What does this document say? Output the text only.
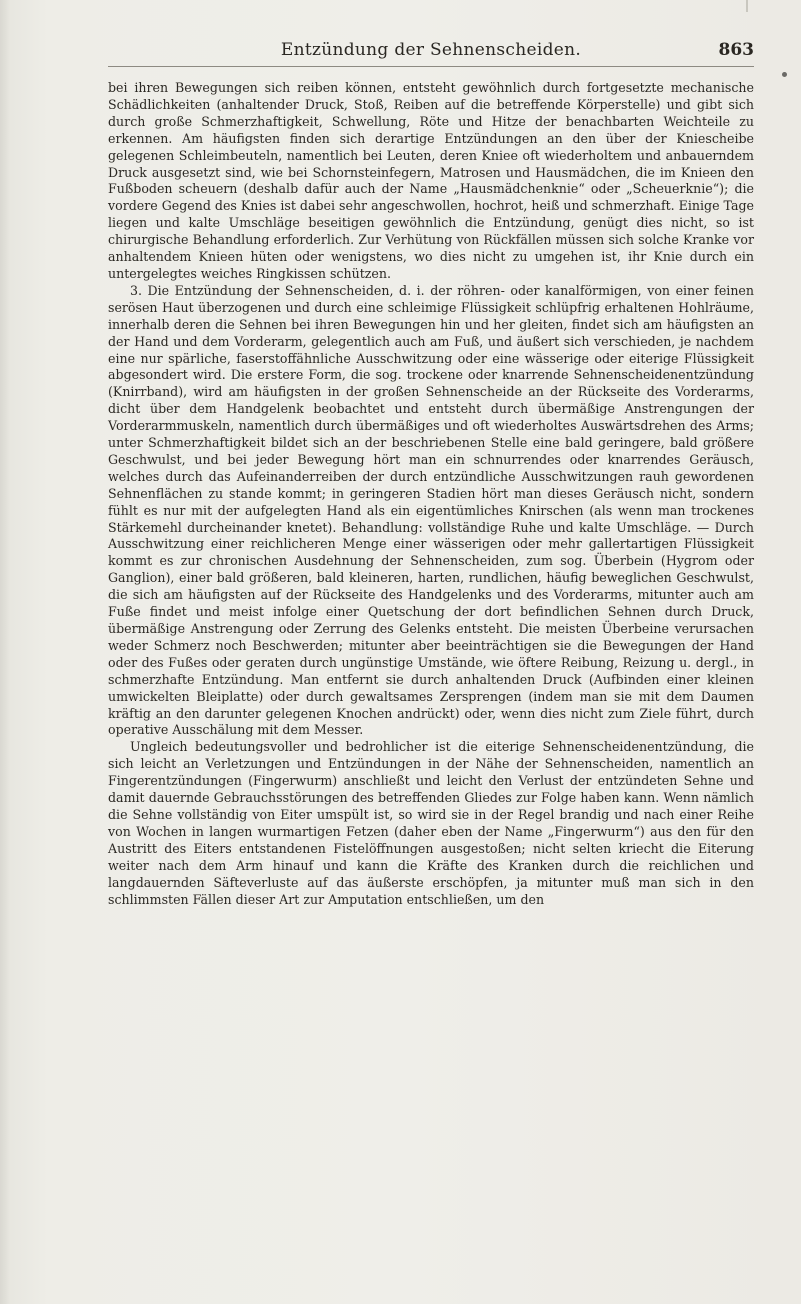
Entzündung der Sehnenscheiden.	863

bei ihren Bewegungen sich reiben können, entsteht gewöhnlich durch fortgesetzte mechanische Schädlichkeiten (anhaltender Druck, Stoß, Reiben auf die betreffende Körperstelle) und gibt sich durch große Schmerzhaftigkeit, Schwellung, Röte und Hitze der benachbarten Weichteile zu erkennen. Am häufigsten finden sich derartige Entzündungen an den über der Kniescheibe gelegenen Schleimbeuteln, namentlich bei Leuten, deren Kniee oft wiederholtem und anbauerndem Druck ausgesetzt sind, wie bei Schornsteinfegern, Matrosen und Hausmädchen, die im Knieen den Fußboden scheuern (deshalb dafür auch der Name „Hausmädchenknie“ oder „Scheuerknie“); die vordere Gegend des Knies ist dabei sehr angeschwollen, hochrot, heiß und schmerzhaft. Einige Tage liegen und kalte Umschläge beseitigen gewöhnlich die Entzündung, genügt dies nicht, so ist chirurgische Behandlung erforderlich. Zur Verhütung von Rückfällen müssen sich solche Kranke vor anhaltendem Knieen hüten oder wenigstens, wo dies nicht zu umgehen ist, ihr Knie durch ein untergelegtes weiches Ringkissen schützen.

3. Die Entzündung der Sehnenscheiden, d. i. der röhren- oder kanalförmigen, von einer feinen serösen Haut überzogenen und durch eine schleimige Flüssigkeit schlüpfrig erhaltenen Hohlräume, innerhalb deren die Sehnen bei ihren Bewegungen hin und her gleiten, findet sich am häufigsten an der Hand und dem Vorderarm, gelegentlich auch am Fuß, und äußert sich verschieden, je nachdem eine nur spärliche, faserstoffähnliche Ausschwitzung oder eine wässerige oder eiterige Flüssigkeit abgesondert wird. Die erstere Form, die sog. trockene oder knarrende Sehnenscheidenentzündung (Knirrband), wird am häufigsten in der großen Sehnenscheide an der Rückseite des Vorderarms, dicht über dem Handgelenk beobachtet und entsteht durch übermäßige Anstrengungen der Vorderarmmuskeln, namentlich durch übermäßiges und oft wiederholtes Auswärtsdrehen des Arms; unter Schmerzhaftigkeit bildet sich an der beschriebenen Stelle eine bald geringere, bald größere Geschwulst, und bei jeder Bewegung hört man ein schnurrendes oder knarrendes Geräusch, welches durch das Aufeinanderreiben der durch entzündliche Ausschwitzungen rauh gewordenen Sehnenflächen zu stande kommt; in geringeren Stadien hört man dieses Geräusch nicht, sondern fühlt es nur mit der aufgelegten Hand als ein eigentümliches Knirschen (als wenn man trockenes Stärkemehl durcheinander knetet). Behandlung: vollständige Ruhe und kalte Umschläge. — Durch Ausschwitzung einer reichlicheren Menge einer wässerigen oder mehr gallertartigen Flüssigkeit kommt es zur chronischen Ausdehnung der Sehnenscheiden, zum sog. Überbein (Hygrom oder Ganglion), einer bald größeren, bald kleineren, harten, rundlichen, häufig beweglichen Geschwulst, die sich am häufigsten auf der Rückseite des Handgelenks und des Vorderarms, mitunter auch am Fuße findet und meist infolge einer Quetschung der dort befindlichen Sehnen durch Druck, übermäßige Anstrengung oder Zerrung des Gelenks entsteht. Die meisten Überbeine verursachen weder Schmerz noch Beschwerden; mitunter aber beeinträchtigen sie die Bewegungen der Hand oder des Fußes oder geraten durch ungünstige Umstände, wie öftere Reibung, Reizung u. dergl., in schmerzhafte Entzündung. Man entfernt sie durch anhaltenden Druck (Aufbinden einer kleinen umwickelten Bleiplatte) oder durch gewaltsames Zersprengen (indem man sie mit dem Daumen kräftig an den darunter gelegenen Knochen andrückt) oder, wenn dies nicht zum Ziele führt, durch operative Ausschälung mit dem Messer.

Ungleich bedeutungsvoller und bedrohlicher ist die eiterige Sehnenscheidenentzündung, die sich leicht an Verletzungen und Entzündungen in der Nähe der Sehnenscheiden, namentlich an Fingerentzündungen (Fingerwurm) anschließt und leicht den Verlust der entzündeten Sehne und damit dauernde Gebrauchsstörungen des betreffenden Gliedes zur Folge haben kann. Wenn nämlich die Sehne vollständig von Eiter umspült ist, so wird sie in der Regel brandig und nach einer Reihe von Wochen in langen wurmartigen Fetzen (daher eben der Name „Fingerwurm“) aus den für den Austritt des Eiters entstandenen Fistelöffnungen ausgestoßen; nicht selten kriecht die Eiterung weiter nach dem Arm hinauf und kann die Kräfte des Kranken durch die reichlichen und langdauernden Säfteverluste auf das äußerste erschöpfen, ja mitunter muß man sich in den schlimmsten Fällen dieser Art zur Amputation entschließen, um den
